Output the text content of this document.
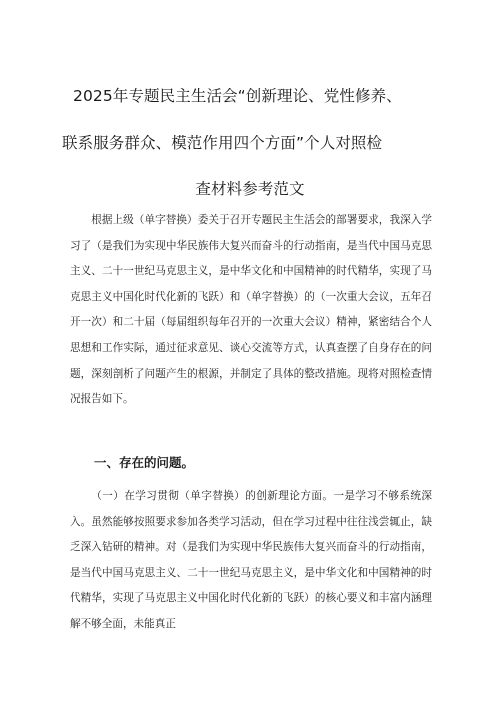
2025年专题民主生活会“创新理论、党性修养、
联系服务群众、模范作用四个方面”个人对照检
查材料参考范文
根据上级（单字替换）委关于召开专题民主生活会的部署要求，我深入学习了（是我们为实现中华民族伟大复兴而奋斗的行动指南，是当代中国马克思主义、二十一世纪马克思主义，是中华文化和中国精神的时代精华，实现了马克思主义中国化时代化新的飞跃）和（单字替换）的（一次重大会议，五年召开一次）和二十届（每届组织每年召开的一次重大会议）精神，紧密结合个人思想和工作实际，通过征求意见、谈心交流等方式，认真查摆了自身存在的问题，深刻剖析了问题产生的根源，并制定了具体的整改措施。现将对照检查情况报告如下。
一、存在的问题。
（一）在学习贯彻（单字替换）的创新理论方面。一是学习不够系统深入。虽然能够按照要求参加各类学习活动，但在学习过程中往往浅尝辄止，缺乏深入钻研的精神。对（是我们为实现中华民族伟大复兴而奋斗的行动指南，是当代中国马克思主义、二十一世纪马克思主义，是中华文化和中国精神的时代精华，实现了马克思主义中国化时代化新的飞跃）的核心要义和丰富内涵理解不够全面，未能真正
